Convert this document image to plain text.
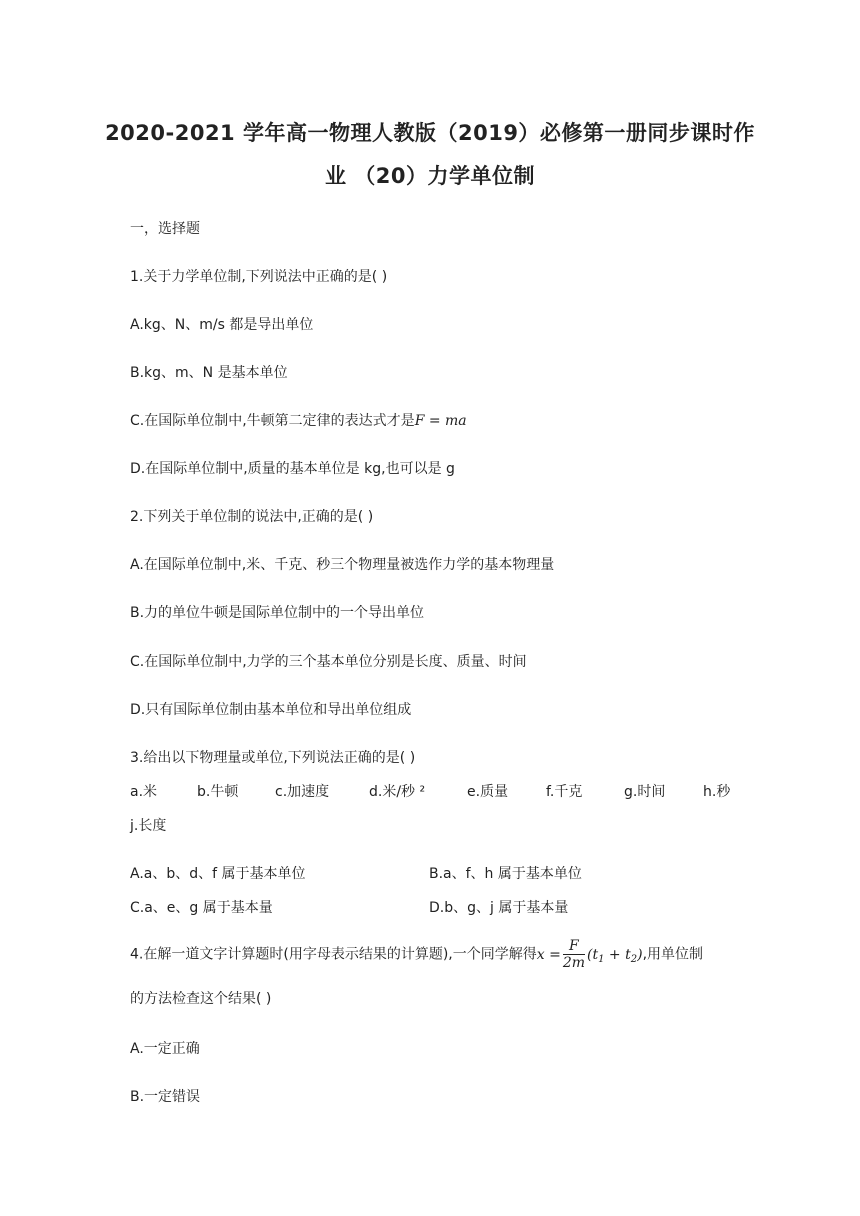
2020-2021 学年高一物理人教版（2019）必修第一册同步课时作
业 （20）力学单位制
一，选择题
1.关于力学单位制,下列说法中正确的是( )
A.kg、N、m/s 都是导出单位
B.kg、m、N 是基本单位
C.在国际单位制中,牛顿第二定律的表达式才是F = ma
D.在国际单位制中,质量的基本单位是 kg,也可以是 g
2.下列关于单位制的说法中,正确的是( )
A.在国际单位制中,米、千克、秒三个物理量被选作力学的基本物理量
B.力的单位牛顿是国际单位制中的一个导出单位
C.在国际单位制中,力学的三个基本单位分别是长度、质量、时间
D.只有国际单位制由基本单位和导出单位组成
3.给出以下物理量或单位,下列说法正确的是( )
a.米	b.牛顿	c.加速度	d.米/秒 ²	e.质量	f.千克	g.时间	h.秒
j.长度
A.a、b、d、f 属于基本单位	B.a、f、h 属于基本单位
C.a、e、g 属于基本量	D.b、g、j 属于基本量
4.在解一道文字计算题时(用字母表示结果的计算题),一个同学解得$x = \frac{F}{2m} (t_1 + t_2)$,用单位制
的方法检查这个结果( )
A.一定正确
B.一定错误
